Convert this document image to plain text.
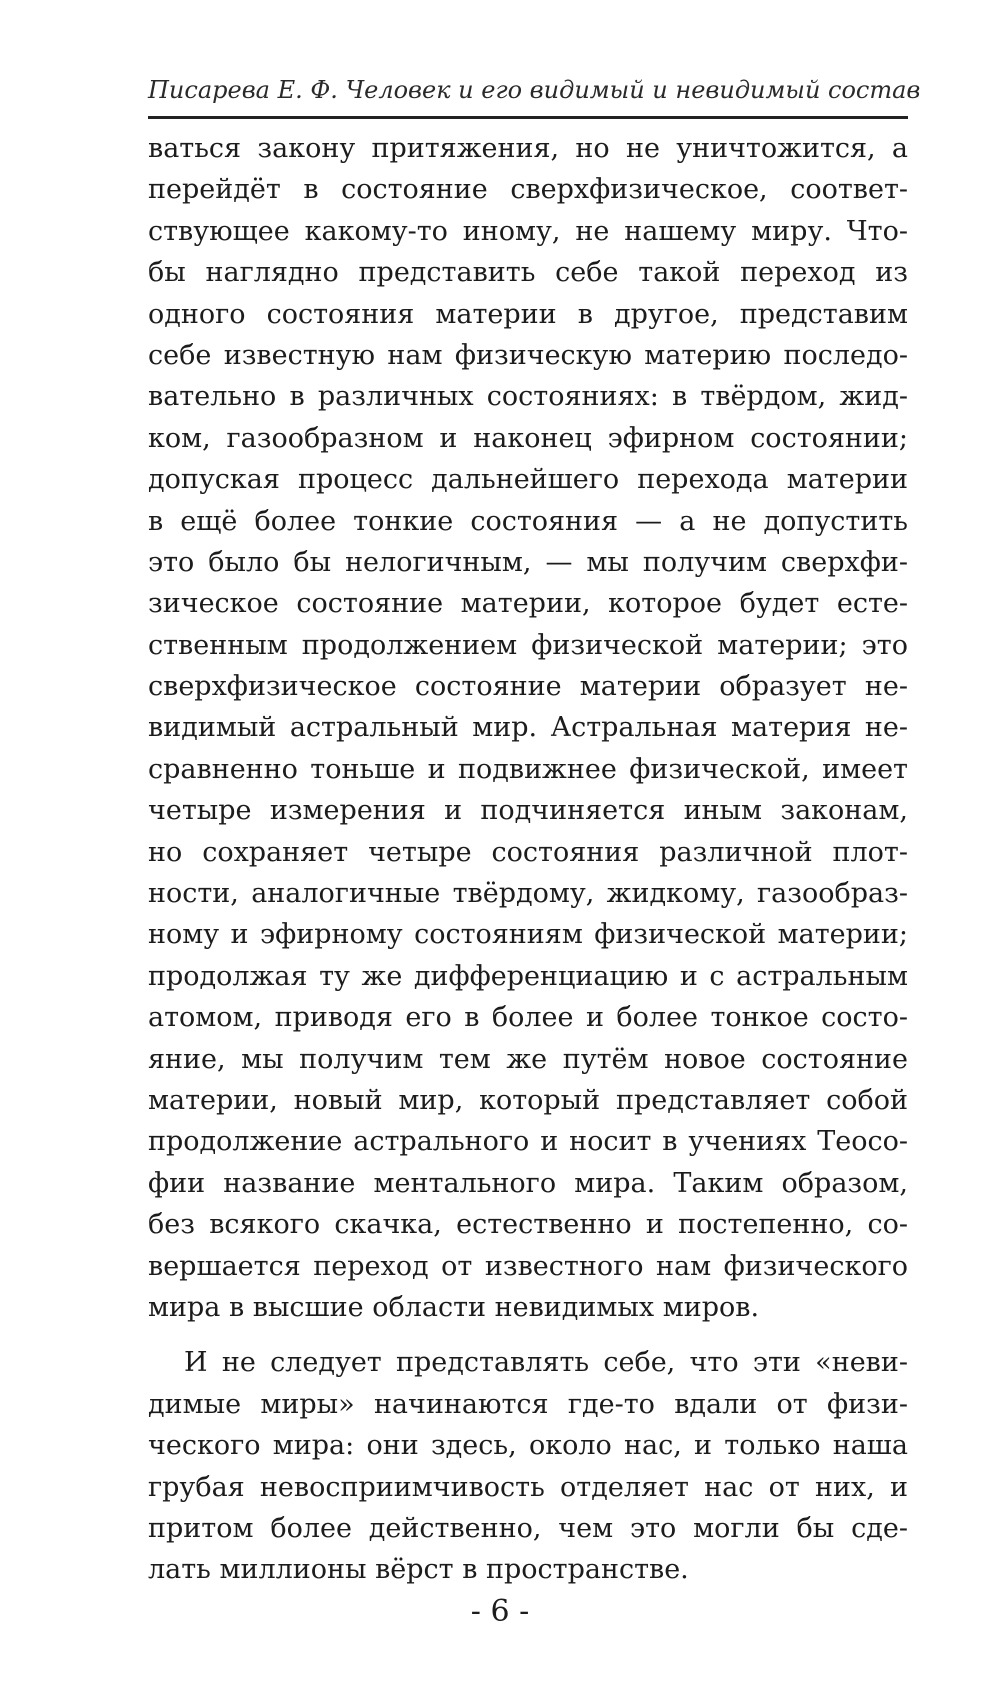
Писарева Е. Ф. Человек и его видимый и невидимый состав
ваться закону притяжения, но не уничтожится, а
перейдёт в состояние сверхфизическое, соответ-
ствующее какому-то иному, не нашему миру. Что-
бы наглядно представить себе такой переход из
одного состояния материи в другое, представим
себе известную нам физическую материю последо-
вательно в различных состояниях: в твёрдом, жид-
ком, газообразном и наконец эфирном состоянии;
допуская процесс дальнейшего перехода материи
в ещё более тонкие состояния — а не допустить
это было бы нелогичным, — мы получим сверхфи-
зическое состояние материи, которое будет есте-
ственным продолжением физической материи; это
сверхфизическое состояние материи образует не-
видимый астральный мир. Астральная материя не-
сравненно тоньше и подвижнее физической, имеет
четыре измерения и подчиняется иным законам,
но сохраняет четыре состояния различной плот-
ности, аналогичные твёрдому, жидкому, газообраз-
ному и эфирному состояниям физической материи;
продолжая ту же дифференциацию и с астральным
атомом, приводя его в более и более тонкое состо-
яние, мы получим тем же путём новое состояние
материи, новый мир, который представляет собой
продолжение астрального и носит в учениях Теосо-
фии название ментального мира. Таким образом,
без всякого скачка, естественно и постепенно, со-
вершается переход от известного нам физического
мира в высшие области невидимых миров.
И не следует представлять себе, что эти «неви-
димые миры» начинаются где-то вдали от физи-
ческого мира: они здесь, около нас, и только наша
грубая невосприимчивость отделяет нас от них, и
притом более действенно, чем это могли бы сде-
лать миллионы вёрст в пространстве.
- 6 -
